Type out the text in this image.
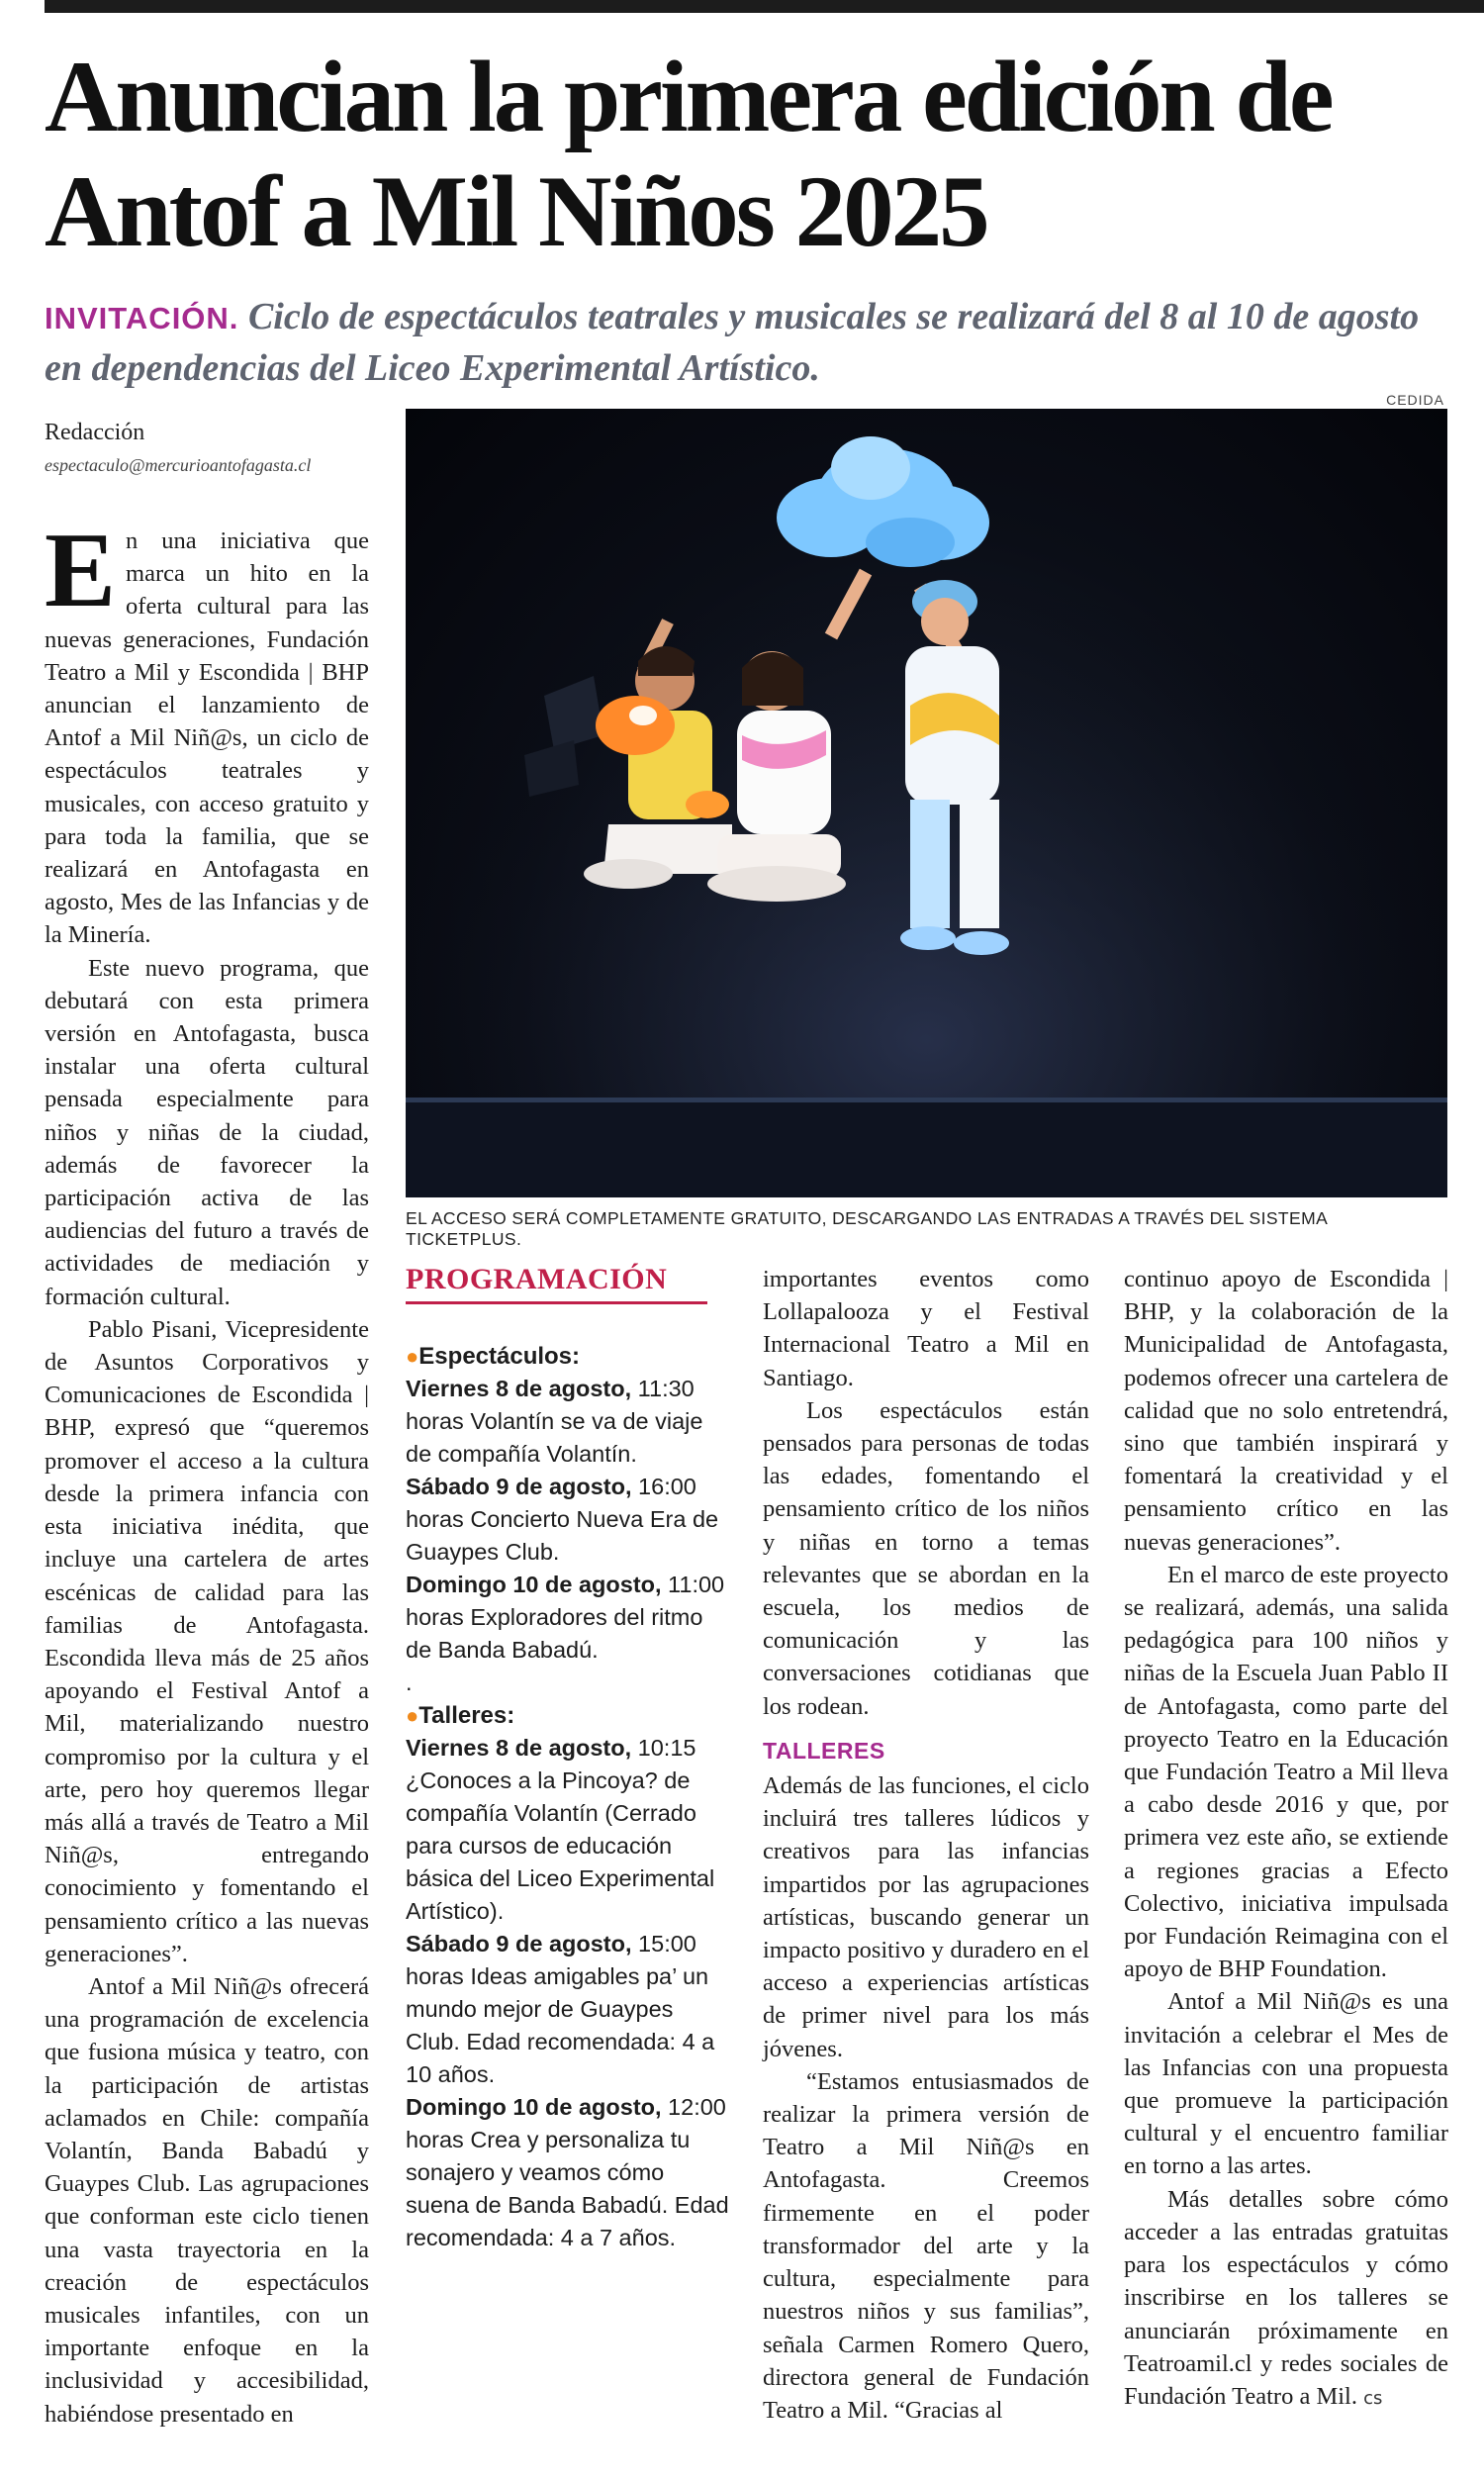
Anuncian la primera edición de Antof a Mil Niños 2025
INVITACIÓN. Ciclo de espectáculos teatrales y musicales se realizará del 8 al 10 de agosto en dependencias del Liceo Experimental Artístico.
Redacción
espectaculo@mercurioantofagasta.cl
CEDIDA
EL ACCESO SERÁ COMPLETAMENTE GRATUITO, DESCARGANDO LAS ENTRADAS A TRAVÉS DEL SISTEMA TICKETPLUS.

En una iniciativa que marca un hito en la oferta cultural para las nuevas generaciones, Fundación Teatro a Mil y Escondida | BHP anuncian el lanzamiento de Antof a Mil Niñ@s, un ciclo de espectáculos teatrales y musicales, con acceso gratuito y para toda la familia, que se realizará en Antofagasta en agosto, Mes de las Infancias y de la Minería.

Este nuevo programa, que debutará con esta primera versión en Antofagasta, busca instalar una oferta cultural pensada especialmente para niños y niñas de la ciudad, además de favorecer la participación activa de las audiencias del futuro a través de actividades de mediación y formación cultural.

Pablo Pisani, Vicepresidente de Asuntos Corporativos y Comunicaciones de Escondida | BHP, expresó que “queremos promover el acceso a la cultura desde la primera infancia con esta iniciativa inédita, que incluye una cartelera de artes escénicas de calidad para las familias de Antofagasta. Escondida lleva más de 25 años apoyando el Festival Antof a Mil, materializando nuestro compromiso por la cultura y el arte, pero hoy queremos llegar más allá a través de Teatro a Mil Niñ@s, entregando conocimiento y fomentando el pensamiento crítico a las nuevas generaciones”.

Antof a Mil Niñ@s ofrecerá una programación de excelencia que fusiona música y teatro, con la participación de artistas aclamados en Chile: compañía Volantín, Banda Babadú y Guaypes Club. Las agrupaciones que conforman este ciclo tienen una vasta trayectoria en la creación de espectáculos musicales infantiles, con un importante enfoque en la inclusividad y accesibilidad, habiéndose presentado en

PROGRAMACIÓN
●Espectáculos:
Viernes 8 de agosto, 11:30 horas Volantín se va de viaje de compañía Volantín.
Sábado 9 de agosto, 16:00 horas Concierto Nueva Era de Guaypes Club.
Domingo 10 de agosto, 11:00 horas Exploradores del ritmo de Banda Babadú.
.
●Talleres:
Viernes 8 de agosto, 10:15 ¿Conoces a la Pincoya? de compañía Volantín (Cerrado para cursos de educación básica del Liceo Experimental Artístico).
Sábado 9 de agosto, 15:00 horas Ideas amigables pa’ un mundo mejor de Guaypes Club. Edad recomendada: 4 a 10 años.
Domingo 10 de agosto, 12:00 horas Crea y personaliza tu sonajero y veamos cómo suena de Banda Babadú. Edad recomendada: 4 a 7 años.

importantes eventos como Lollapalooza y el Festival Internacional Teatro a Mil en Santiago.

Los espectáculos están pensados para personas de todas las edades, fomentando el pensamiento crítico de los niños y niñas en torno a temas relevantes que se abordan en la escuela, los medios de comunicación y las conversaciones cotidianas que los rodean.

TALLERES

Además de las funciones, el ciclo incluirá tres talleres lúdicos y creativos para las infancias impartidos por las agrupaciones artísticas, buscando generar un impacto positivo y duradero en el acceso a experiencias artísticas de primer nivel para los más jóvenes.

“Estamos entusiasmados de realizar la primera versión de Teatro a Mil Niñ@s en Antofagasta. Creemos firmemente en el poder transformador del arte y la cultura, especialmente para nuestros niños y sus familias”, señala Carmen Romero Quero, directora general de Fundación Teatro a Mil. “Gracias al

continuo apoyo de Escondida | BHP, y la colaboración de la Municipalidad de Antofagasta, podemos ofrecer una cartelera de calidad que no solo entretendrá, sino que también inspirará y fomentará la creatividad y el pensamiento crítico en las nuevas generaciones”.

En el marco de este proyecto se realizará, además, una salida pedagógica para 100 niños y niñas de la Escuela Juan Pablo II de Antofagasta, como parte del proyecto Teatro en la Educación que Fundación Teatro a Mil lleva a cabo desde 2016 y que, por primera vez este año, se extiende a regiones gracias a Efecto Colectivo, iniciativa impulsada por Fundación Reimagina con el apoyo de BHP Foundation.

Antof a Mil Niñ@s es una invitación a celebrar el Mes de las Infancias con una propuesta que promueve la participación cultural y el encuentro familiar en torno a las artes.

Más detalles sobre cómo acceder a las entradas gratuitas para los espectáculos y cómo inscribirse en los talleres se anunciarán próximamente en Teatroamil.cl y redes sociales de Fundación Teatro a Mil. cs
